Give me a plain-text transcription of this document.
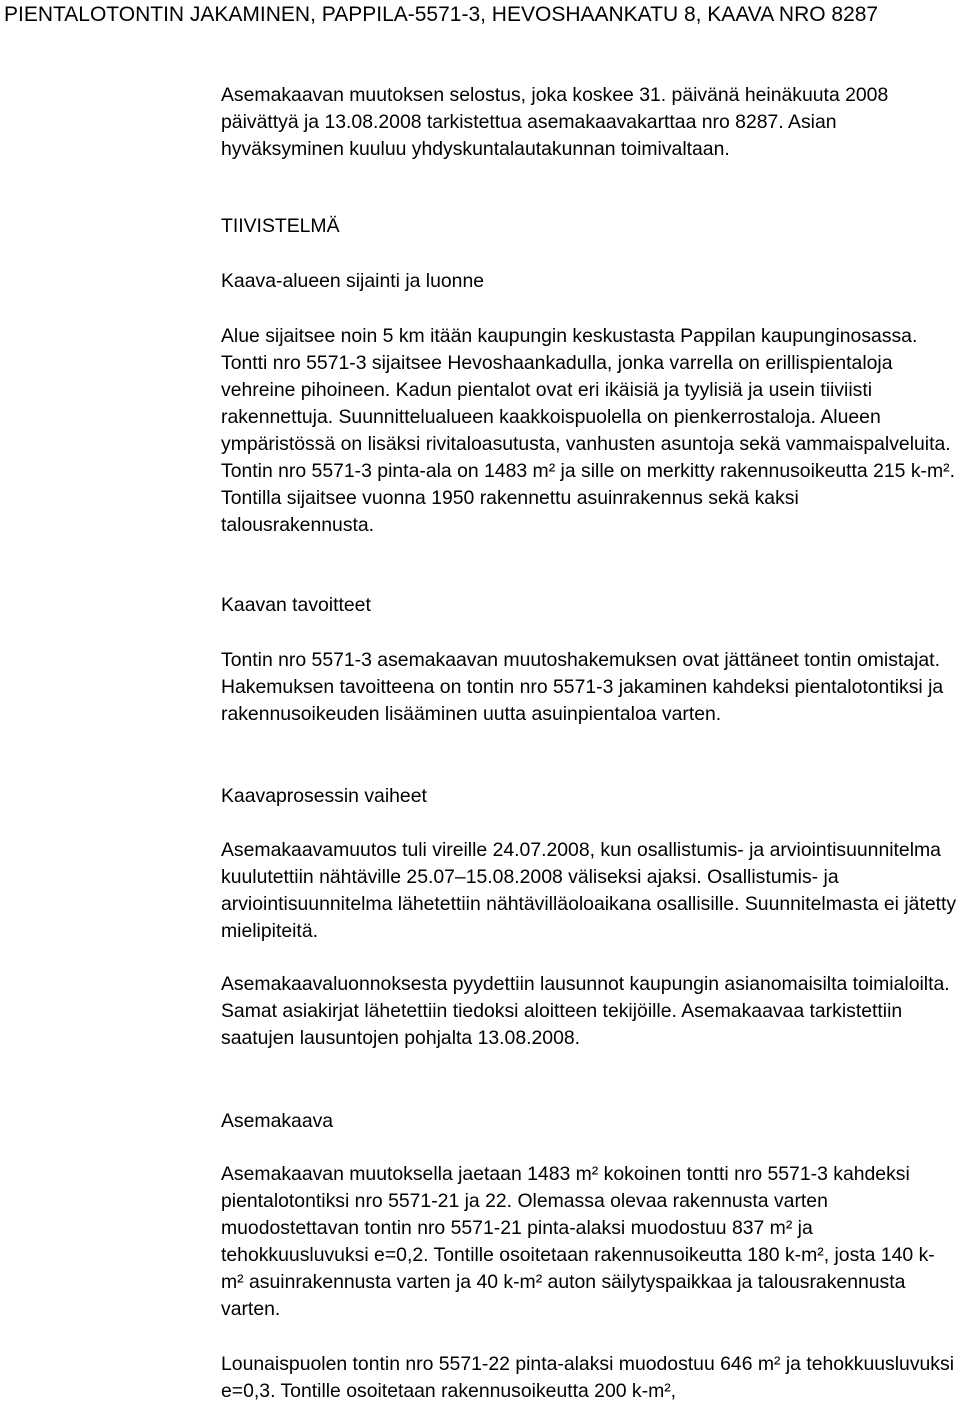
PIENTALOTONTIN JAKAMINEN, PAPPILA-5571-3, HEVOSHAANKATU 8, KAAVA NRO 8287

Asemakaavan muutoksen selostus, joka koskee 31. päivänä heinäkuuta 2008 päivättyä ja 13.08.2008 tarkistettua asemakaavakarttaa nro 8287. Asian hyväksyminen kuuluu yhdyskuntalautakunnan toimivaltaan.

TIIVISTELMÄ
Kaava-alueen sijainti ja luonne

Alue sijaitsee noin 5 km itään kaupungin keskustasta Pappilan kaupunginosassa. Tontti nro 5571-3 sijaitsee Hevoshaankadulla, jonka varrella on erillispientaloja vehreine pihoineen. Kadun pientalot ovat eri ikäisiä ja tyylisiä ja usein tiiviisti rakennettuja. Suunnittelualueen kaakkoispuolella on pienkerrostaloja. Alueen ympäristössä on lisäksi rivitaloasutusta, vanhusten asuntoja sekä vammaispalveluita. Tontin nro 5571-3 pinta-ala on 1483 m² ja sille on merkitty rakennusoikeutta 215 k-m². Tontilla sijaitsee vuonna 1950 rakennettu asuinrakennus sekä kaksi talousrakennusta.

Kaavan tavoitteet

Tontin nro 5571-3 asemakaavan muutoshakemuksen ovat jättäneet tontin omistajat. Hakemuksen tavoitteena on tontin nro 5571-3 jakaminen kahdeksi pientalotontiksi ja rakennusoikeuden lisääminen uutta asuinpientaloa varten.

Kaavaprosessin vaiheet

Asemakaavamuutos tuli vireille 24.07.2008, kun osallistumis- ja arviointisuunnitelma kuulutettiin nähtäville 25.07–15.08.2008 väliseksi ajaksi. Osallistumis- ja arviointisuunnitelma lähetettiin nähtävilläoloaikana osallisille. Suunnitelmasta ei jätetty mielipiteitä.

Asemakaavaluonnoksesta pyydettiin lausunnot kaupungin asianomaisilta toimialoilta. Samat asiakirjat lähetettiin tiedoksi aloitteen tekijöille. Asemakaavaa tarkistettiin saatujen lausuntojen pohjalta 13.08.2008.

Asemakaava

Asemakaavan muutoksella jaetaan 1483 m² kokoinen tontti nro 5571-3 kahdeksi pientalotontiksi nro 5571-21 ja 22. Olemassa olevaa rakennusta varten muodostettavan tontin nro 5571-21 pinta-alaksi muodostuu 837 m² ja tehokkuusluvuksi e=0,2. Tontille osoitetaan rakennusoikeutta 180 k-m², josta 140 k-m² asuinrakennusta varten ja 40 k-m² auton säilytyspaikkaa ja talousrakennusta varten.

Lounaispuolen tontin nro 5571-22 pinta-alaksi muodostuu 646 m² ja tehokkuusluvuksi e=0,3. Tontille osoitetaan rakennusoikeutta 200 k-m²,
